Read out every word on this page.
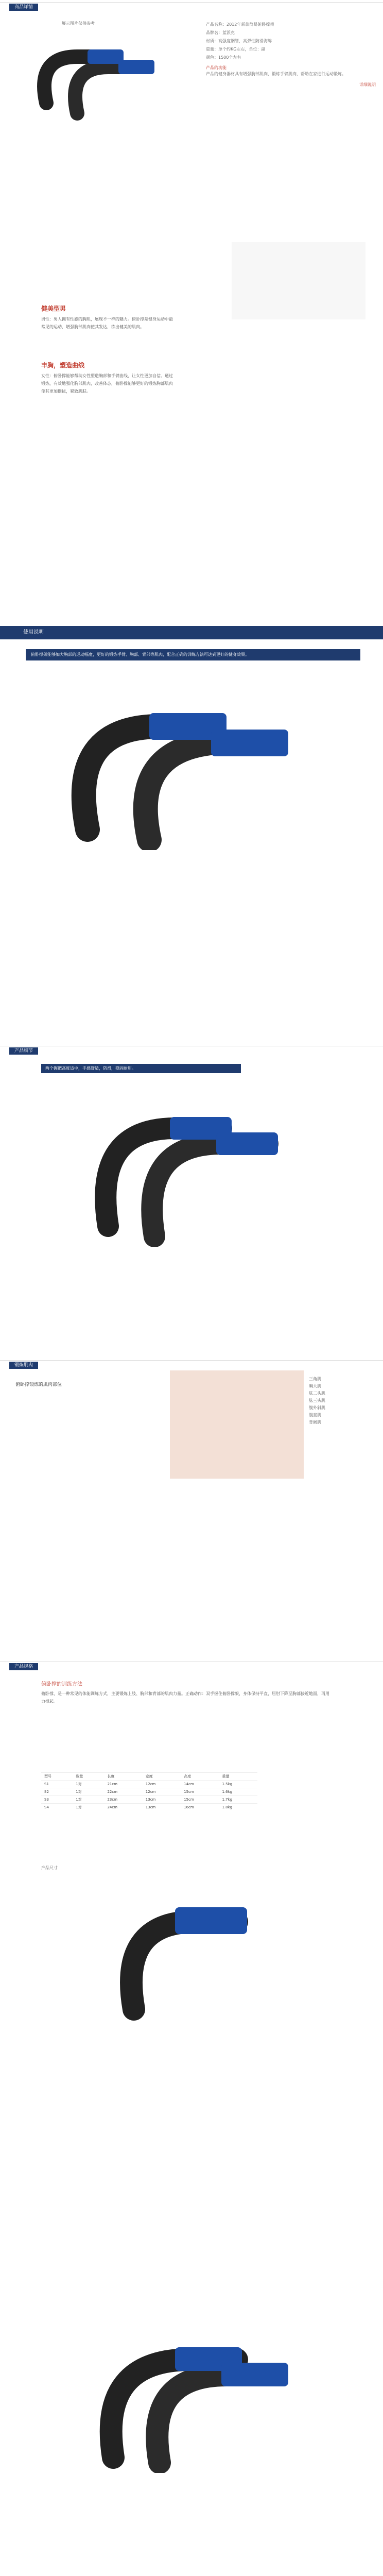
商品详情
展示图片仅供参考	产品名称：2012年新款简易俯卧撑架
品牌名：蓝派克
材质：高强度钢管，高弹性防滑海绵
重量：单个约KG左右，单位：副
颜色：1500个左右
产品的功能
产品的健身器材具有增强胸部肌肉，锻炼手臂肌肉，帮助在家进行运动锻炼。
详细说明
健美型男
男性：男人拥有性感的胸肌，展现不一样的魅力。俯卧撑是健身运动中最常见的运动，增强胸部肌肉使其发达，练出健美的肌肉。
丰胸，塑造曲线
女性：俯卧撑能够帮助女性塑造胸部和手臂曲线，让女性更加自信。通过锻炼，有效地强化胸部肌肉，改善体态，俯卧撑能够更好的锻炼胸部肌肉使其更加挺拔，紧致肌肤。
使用说明
俯卧撑架能够加大胸部的运动幅度，更好的锻炼手臂、胸部、背部等肌肉，配合正确的训练方法可达到更好的健身效果。
产品细节
两个握把高度适中，手感舒适，防滑，稳固耐用。
锻炼肌肉
俯卧撑锻炼的肌肉部位
三角肌
胸大肌
肱二头肌
肱三头肌
腹外斜肌
腹直肌
背阔肌
产品规格
俯卧撑的训练方法
俯卧撑，是一种常见的体能训练方式，主要锻炼上肢、胸部和背部的肌肉力量。正确动作：双手握住俯卧撑架，身体保持平直，屈肘下降至胸部接近地面，再用力撑起。
型号	数量	长度	宽度	高度	重量
S1	1对	21cm	12cm	14cm	1.5kg
S2	1对	22cm	12cm	15cm	1.6kg
S3	1对	23cm	13cm	15cm	1.7kg
S4	1对	24cm	13cm	16cm	1.8kg
产品尺寸
